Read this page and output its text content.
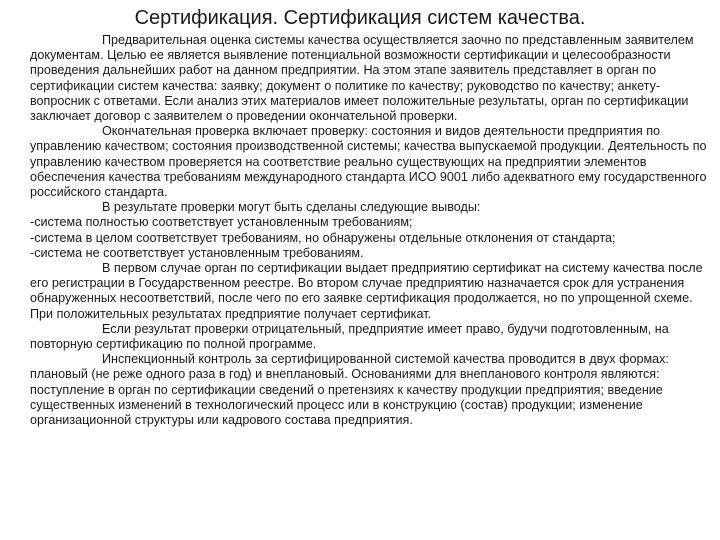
Сертификация. Сертификация систем качества.

Предварительная оценка системы качества осуществляется заочно по представленным заявителем документам. Целью ее является выявление потенциальной возможности сертификации и целесообразности проведения дальнейших работ на данном предприятии. На этом этапе заявитель представляет в орган по сертификации систем качества: заявку; документ о политике по качеству; руководство по качеству; анкету-вопросник с ответами. Если анализ этих материалов имеет положительные результаты, орган по сертификации заключает договор с заявителем о проведении окончательной проверки.

Окончательная проверка включает проверку: состояния и видов деятельности предприятия по управлению качеством; состояния производственной системы; качества выпускаемой продукции. Деятельность по управлению качеством проверяется на соответствие реально существующих на предприятии элементов обеспечения качества требованиям международного стандарта ИСО 9001 либо адекватного ему государственного российского стандарта.

В результате проверки могут быть сделаны следующие выводы:

-система полностью соответствует установленным требованиям;

-система в целом соответствует требованиям, но обнаружены отдельные отклонения от стандарта;

-система не соответствует установленным требованиям.

В первом случае орган по сертификации выдает предприятию сертификат на систему качества после его регистрации в Государственном реестре. Во втором случае предприятию назначается срок для устранения обнаруженных несоответствий, после чего по его заявке сертификация продолжается, но по упрощенной схеме. При положительных результатах предприятие получает сертификат.

Если результат проверки отрицательный, предприятие имеет право, будучи подготовленным, на повторную сертификацию по полной программе.

Инспекционный контроль за сертифицированной системой качества проводится в двух формах: плановый (не реже одного раза в год) и внеплановый. Основаниями для внепланового контроля являются: поступление в орган по сертификации сведений о претензиях к качеству продукции предприятия; введение существенных изменений в технологический процесс или в конструкцию (состав) продукции; изменение организационной структуры или кадрового состава предприятия.
